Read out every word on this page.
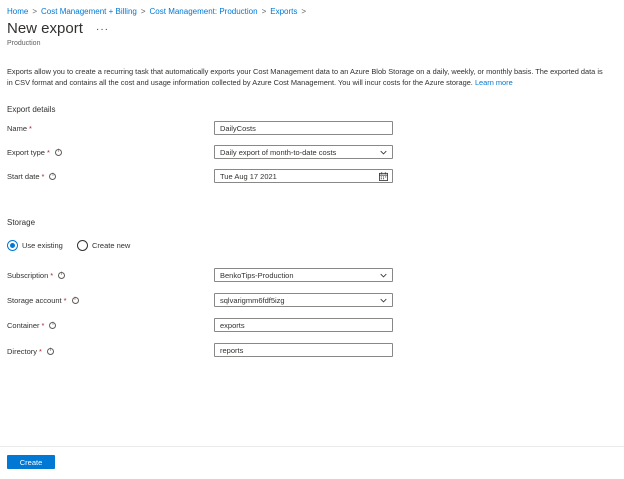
Home > Cost Management + Billing > Cost Management: Production > Exports >
New export ···
Production
Exports allow you to create a recurring task that automatically exports your Cost Management data to an Azure Blob Storage on a daily, weekly, or monthly basis. The exported data is in CSV format and contains all the cost and usage information collected by Azure Cost Management. You will incur costs for the Azure storage. Learn more
Export details
Name *	DailyCosts
Export type * i	Daily export of month-to-date costs
Start date * i	Tue Aug 17 2021
Storage
Use existing	Create new
Subscription * i	BenkoTips-Production
Storage account * i	sqlvarigmm6fdf5izg
Container * i	exports
Directory * i	reports
Create
